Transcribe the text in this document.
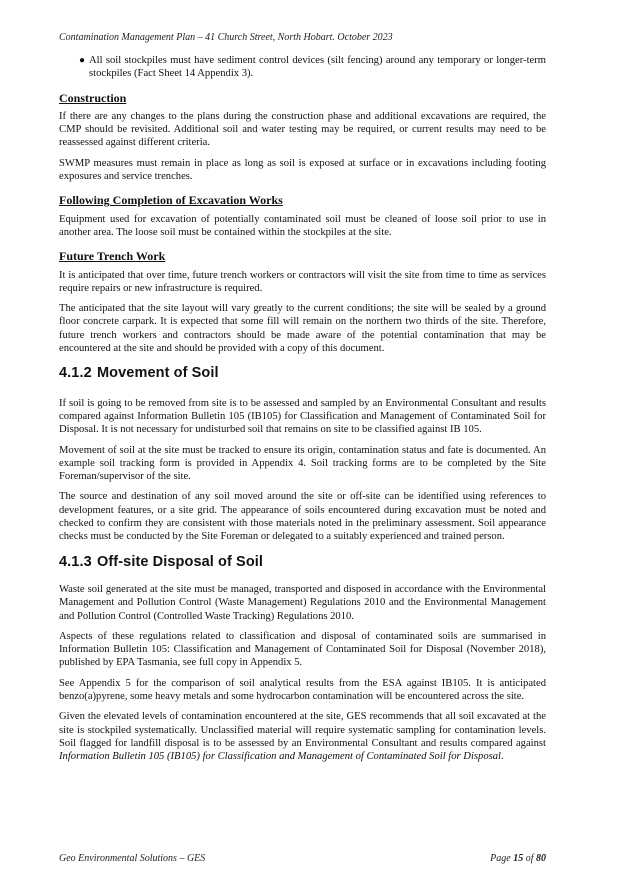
Contamination Management Plan – 41 Church Street, North Hobart. October 2023
● All soil stockpiles must have sediment control devices (silt fencing) around any temporary or longer-term stockpiles (Fact Sheet 14 Appendix 3).
Construction

If there are any changes to the plans during the construction phase and additional excavations are required, the CMP should be revisited. Additional soil and water testing may be required, or current results may need to be reassessed against different criteria.

SWMP measures must remain in place as long as soil is exposed at surface or in excavations including footing exposures and service trenches.

Following Completion of Excavation Works

Equipment used for excavation of potentially contaminated soil must be cleaned of loose soil prior to use in another area. The loose soil must be contained within the stockpiles at the site.

Future Trench Work

It is anticipated that over time, future trench workers or contractors will visit the site from time to time as services require repairs or new infrastructure is required.

The anticipated that the site layout will vary greatly to the current conditions; the site will be sealed by a ground floor concrete carpark. It is expected that some fill will remain on the northern two thirds of the site. Therefore, future trench workers and contractors should be made aware of the potential contamination that may be encountered at the site and should be provided with a copy of this document.

4.1.2 Movement of Soil

If soil is going to be removed from site is to be assessed and sampled by an Environmental Consultant and results compared against Information Bulletin 105 (IB105) for Classification and Management of Contaminated Soil for Disposal. It is not necessary for undisturbed soil that remains on site to be classified against IB 105.

Movement of soil at the site must be tracked to ensure its origin, contamination status and fate is documented. An example soil tracking form is provided in Appendix 4. Soil tracking forms are to be completed by the Site Foreman/supervisor of the site.

The source and destination of any soil moved around the site or off-site can be identified using references to development features, or a site grid. The appearance of soils encountered during excavation must be noted and checked to confirm they are consistent with those materials noted in the preliminary assessment. Soil appearance checks must be conducted by the Site Foreman or delegated to a suitably experienced and trained person.

4.1.3 Off-site Disposal of Soil

Waste soil generated at the site must be managed, transported and disposed in accordance with the Environmental Management and Pollution Control (Waste Management) Regulations 2010 and the Environmental Management and Pollution Control (Controlled Waste Tracking) Regulations 2010.

Aspects of these regulations related to classification and disposal of contaminated soils are summarised in Information Bulletin 105: Classification and Management of Contaminated Soil for Disposal (November 2018), published by EPA Tasmania, see full copy in Appendix 5.

See Appendix 5 for the comparison of soil analytical results from the ESA against IB105. It is anticipated benzo(a)pyrene, some heavy metals and some hydrocarbon contamination will be encountered across the site.

Given the elevated levels of contamination encountered at the site, GES recommends that all soil excavated at the site is stockpiled systematically. Unclassified material will require systematic sampling for contamination levels. Soil flagged for landfill disposal is to be assessed by an Environmental Consultant and results compared against Information Bulletin 105 (IB105) for Classification and Management of Contaminated Soil for Disposal.

Geo Environmental Solutions – GES	Page 15 of 80
